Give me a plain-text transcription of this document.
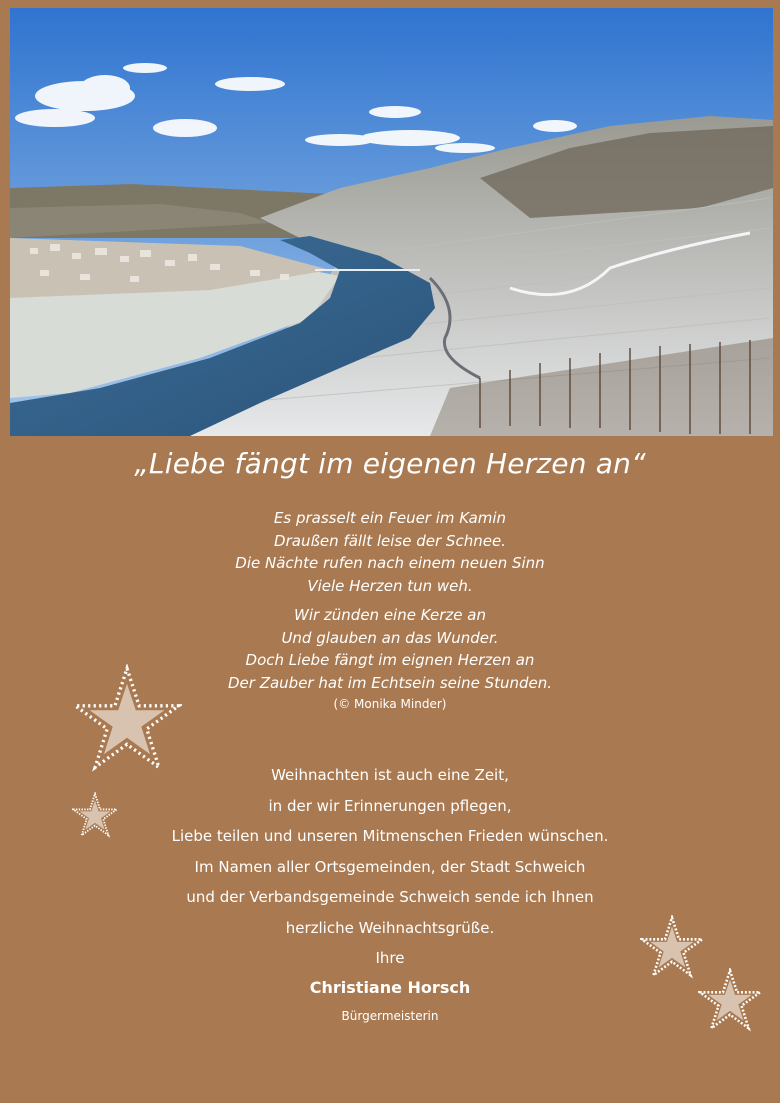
„Liebe fängt im eigenen Herzen an“
Es prasselt ein Feuer im Kamin
Draußen fällt leise der Schnee.
Die Nächte rufen nach einem neuen Sinn
Viele Herzen tun weh.
Wir zünden eine Kerze an
Und glauben an das Wunder.
Doch Liebe fängt im eignen Herzen an
Der Zauber hat im Echtsein seine Stunden.
(© Monika Minder)
Weihnachten ist auch eine Zeit,
in der wir Erinnerungen pflegen,
Liebe teilen und unseren Mitmenschen Frieden wünschen.
Im Namen aller Ortsgemeinden, der Stadt Schweich
und der Verbandsgemeinde Schweich sende ich Ihnen
herzliche Weihnachtsgrüße.
Ihre
Christiane Horsch
Bürgermeisterin
